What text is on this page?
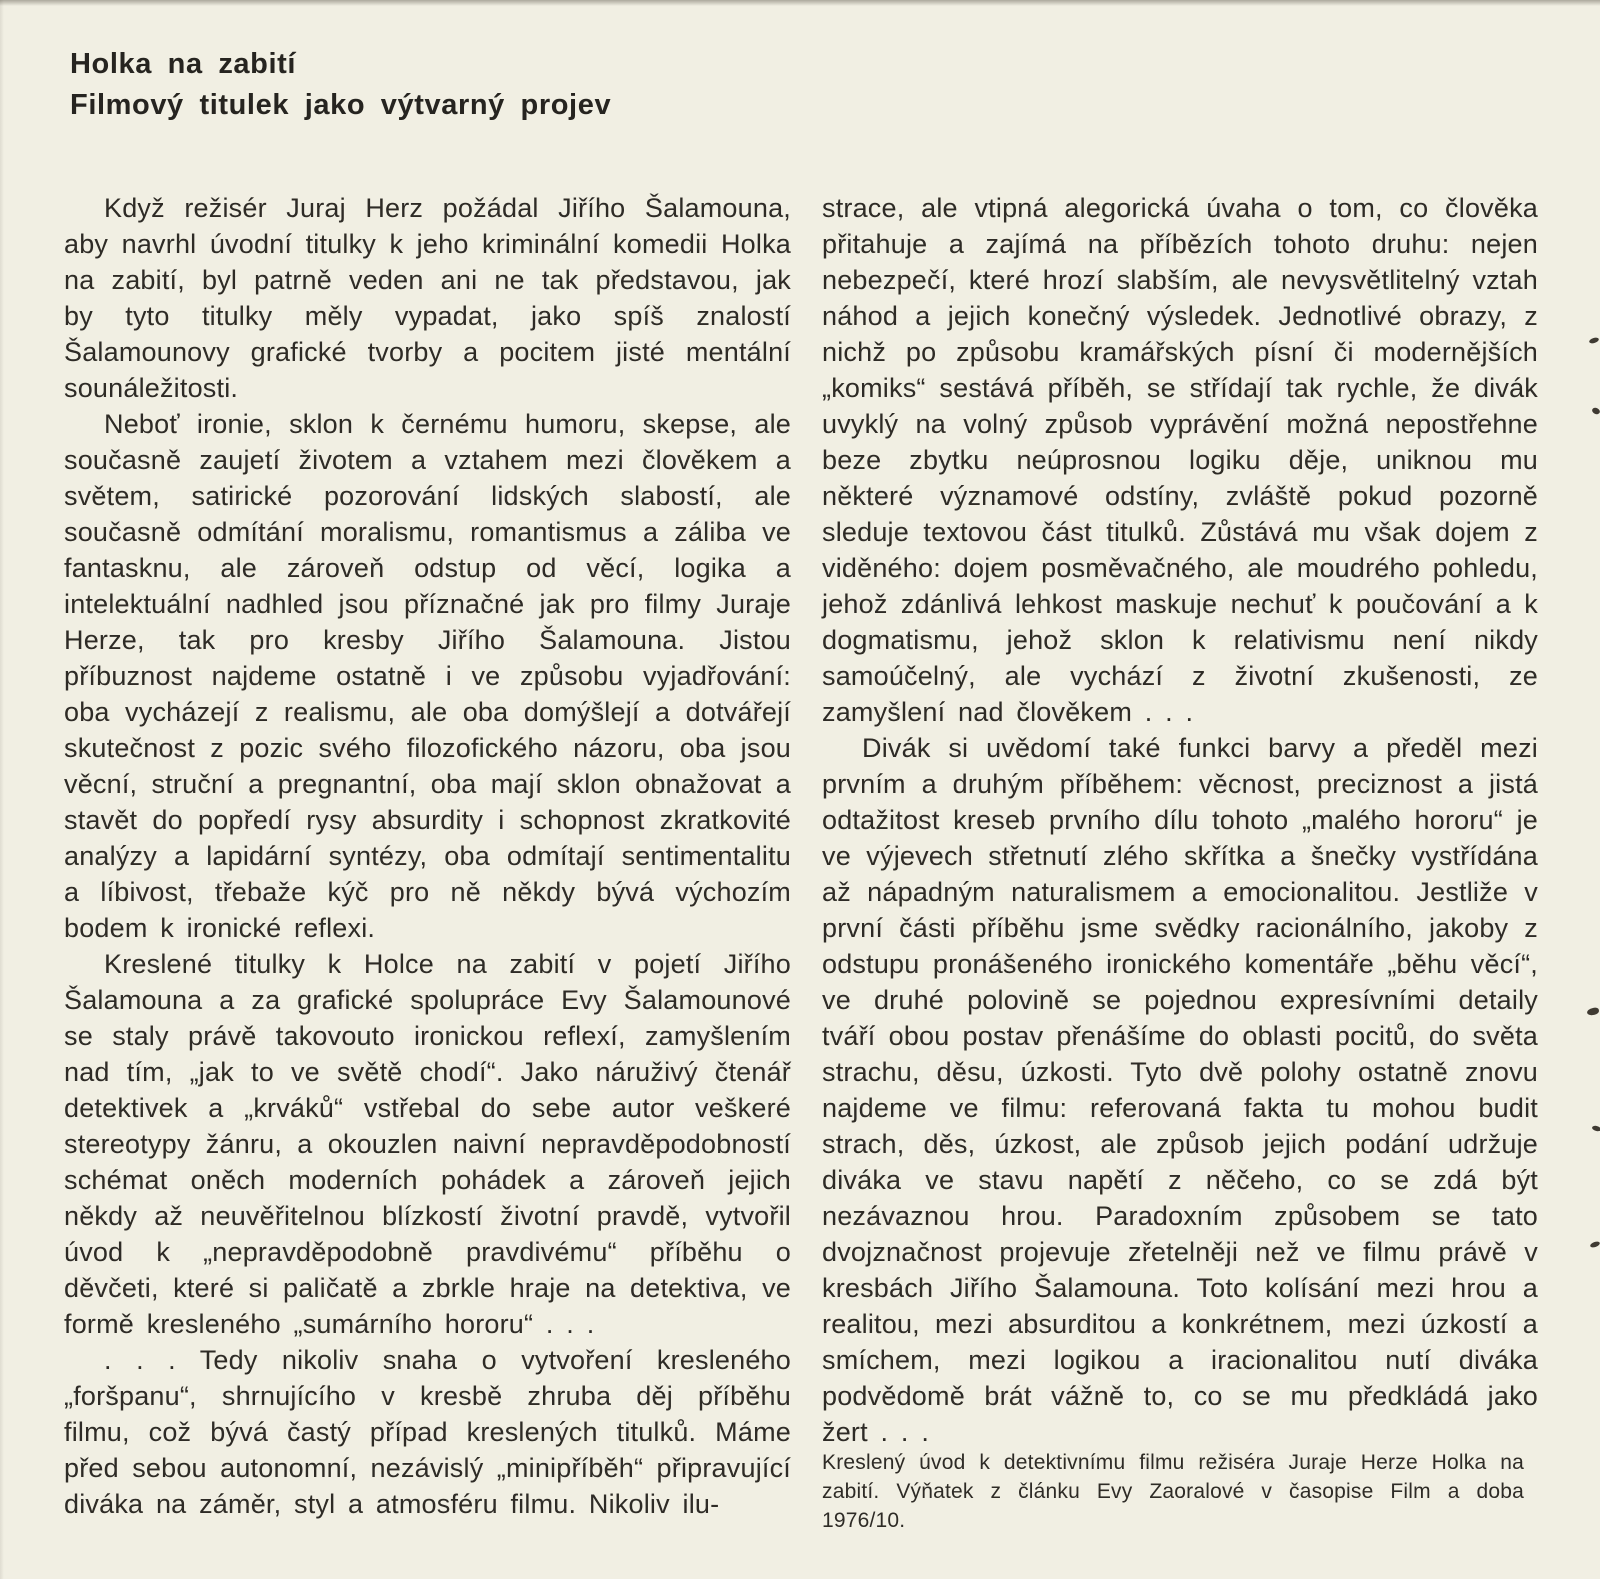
Holka na zabití
Filmový titulek jako výtvarný projev

Když režisér Juraj Herz požádal Jiřího Šalamouna, aby navrhl úvodní titulky k jeho kriminální komedii Holka na zabití, byl patrně veden ani ne tak představou, jak by tyto titulky měly vypadat, jako spíš znalostí Šalamounovy grafické tvorby a pocitem jisté mentální sounáležitosti.

Neboť ironie, sklon k černému humoru, skepse, ale současně zaujetí životem a vztahem mezi člověkem a světem, satirické pozorování lidských slabostí, ale současně odmítání moralismu, romantismus a záliba ve fantasknu, ale zároveň odstup od věcí, logika a intelektuální nadhled jsou příznačné jak pro filmy Juraje Herze, tak pro kresby Jiřího Šalamouna. Jistou příbuznost najdeme ostatně i ve způsobu vyjadřování: oba vycházejí z realismu, ale oba domýšlejí a dotvářejí skutečnost z pozic svého filozofického názoru, oba jsou věcní, struční a pregnantní, oba mají sklon obnažovat a stavět do popředí rysy absurdity i schopnost zkratkovité analýzy a lapidární syntézy, oba odmítají sentimentalitu a líbivost, třebaže kýč pro ně někdy bývá výchozím bodem k ironické reflexi.

Kreslené titulky k Holce na zabití v pojetí Jiřího Šalamouna a za grafické spolupráce Evy Šalamounové se staly právě takovouto ironickou reflexí, zamyšlením nad tím, „jak to ve světě chodí“. Jako náruživý čtenář detektivek a „krváků“ vstřebal do sebe autor veškeré stereotypy žánru, a okouzlen naivní nepravděpodobností schémat oněch moderních pohádek a zároveň jejich někdy až neuvěřitelnou blízkostí životní pravdě, vytvořil úvod k „nepravděpodobně pravdivému“ příběhu o děvčeti, které si paličatě a zbrkle hraje na detektiva, ve formě kresleného „sumárního hororu“ . . .

. . . Tedy nikoliv snaha o vytvoření kresleného „foršpanu“, shrnujícího v kresbě zhruba děj příběhu filmu, což bývá častý případ kreslených titulků. Máme před sebou autonomní, nezávislý „minipříběh“ připravující diváka na záměr, styl a atmosféru filmu. Nikoliv ilu-

strace, ale vtipná alegorická úvaha o tom, co člověka přitahuje a zajímá na příbězích tohoto druhu: nejen nebezpečí, které hrozí slabším, ale nevysvětlitelný vztah náhod a jejich konečný výsledek. Jednotlivé obrazy, z nichž po způsobu kramářských písní či modernějších „komiks“ sestává příběh, se střídají tak rychle, že divák uvyklý na volný způsob vyprávění možná nepostřehne beze zbytku neúprosnou logiku děje, uniknou mu některé významové odstíny, zvláště pokud pozorně sleduje textovou část titulků. Zůstává mu však dojem z viděného: dojem posměvačného, ale moudrého pohledu, jehož zdánlivá lehkost maskuje nechuť k poučování a k dogmatismu, jehož sklon k relativismu není nikdy samoúčelný, ale vychází z životní zkušenosti, ze zamyšlení nad člověkem . . .

Divák si uvědomí také funkci barvy a předěl mezi prvním a druhým příběhem: věcnost, preciznost a jistá odtažitost kreseb prvního dílu tohoto „malého hororu“ je ve výjevech střetnutí zlého skřítka a šnečky vystřídána až nápadným naturalismem a emocionalitou. Jestliže v první části příběhu jsme svědky racionálního, jakoby z odstupu pronášeného ironického komentáře „běhu věcí“, ve druhé polovině se pojednou expresívními detaily tváří obou postav přenášíme do oblasti pocitů, do světa strachu, děsu, úzkosti. Tyto dvě polohy ostatně znovu najdeme ve filmu: referovaná fakta tu mohou budit strach, děs, úzkost, ale způsob jejich podání udržuje diváka ve stavu napětí z něčeho, co se zdá být nezávaznou hrou. Paradoxním způsobem se tato dvojznačnost projevuje zřetelněji než ve filmu právě v kresbách Jiřího Šalamouna. Toto kolísání mezi hrou a realitou, mezi absurditou a konkrétnem, mezi úzkostí a smíchem, mezi logikou a iracionalitou nutí diváka podvědomě brát vážně to, co se mu předkládá jako žert . . .

Kreslený úvod k detektivnímu filmu režiséra Juraje Herze Holka na zabití. Výňatek z článku Evy Zaoralové v časopise Film a doba 1976/10.
